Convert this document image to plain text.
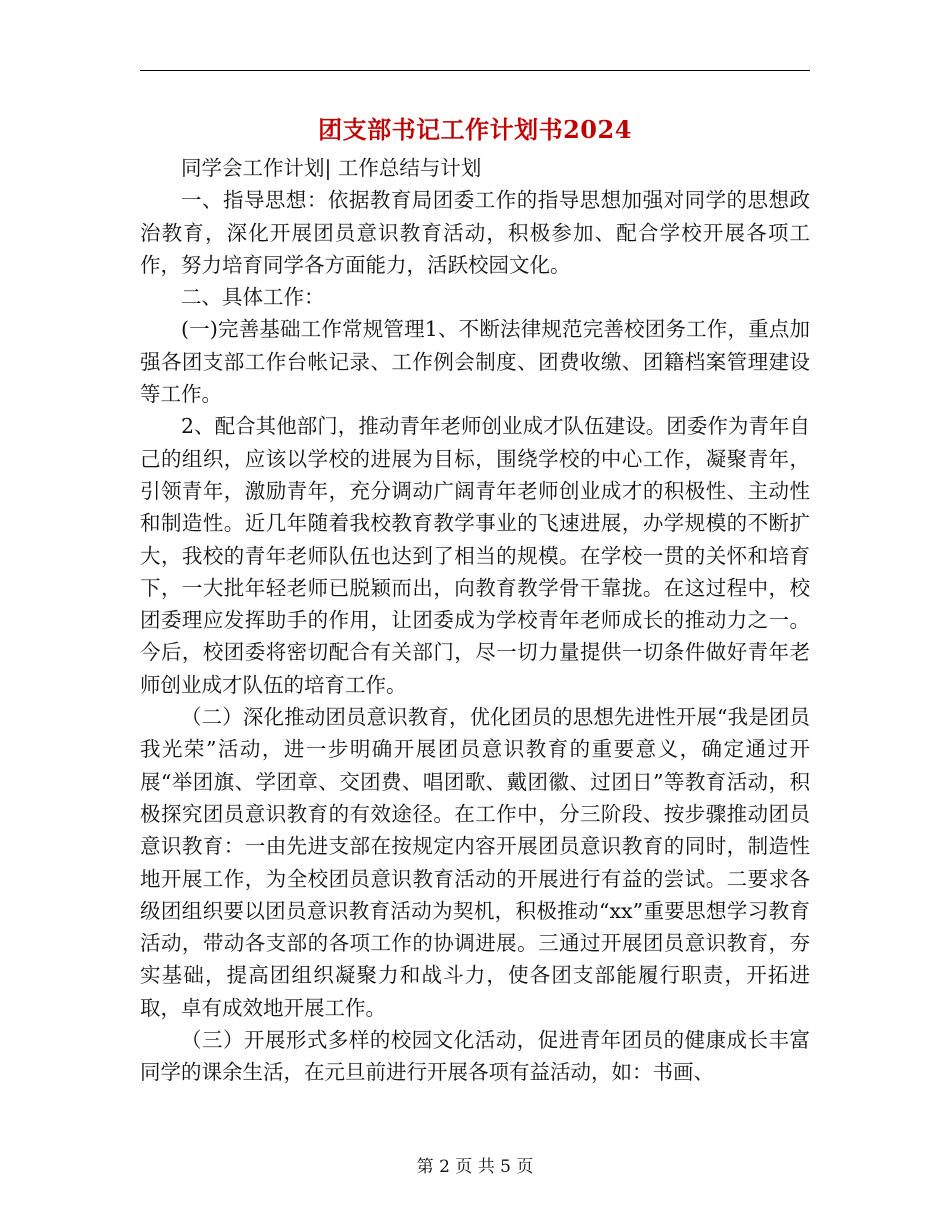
团支部书记工作计划书2024

同学会工作计划| 工作总结与计划

一、指导思想：依据教育局团委工作的指导思想加强对同学的思想政治教育，深化开展团员意识教育活动，积极参加、配合学校开展各项工作，努力培育同学各方面能力，活跃校园文化。

二、具体工作：

(一)完善基础工作常规管理1、不断法律规范完善校团务工作，重点加强各团支部工作台帐记录、工作例会制度、团费收缴、团籍档案管理建设等工作。

2、配合其他部门，推动青年老师创业成才队伍建设。团委作为青年自己的组织，应该以学校的进展为目标，围绕学校的中心工作，凝聚青年，引领青年，激励青年，充分调动广阔青年老师创业成才的积极性、主动性和制造性。近几年随着我校教育教学事业的飞速进展，办学规模的不断扩大，我校的青年老师队伍也达到了相当的规模。在学校一贯的关怀和培育下，一大批年轻老师已脱颖而出，向教育教学骨干靠拢。在这过程中，校团委理应发挥助手的作用，让团委成为学校青年老师成长的推动力之一。今后，校团委将密切配合有关部门，尽一切力量提供一切条件做好青年老师创业成才队伍的培育工作。

（二）深化推动团员意识教育，优化团员的思想先进性开展“我是团员我光荣”活动，进一步明确开展团员意识教育的重要意义，确定通过开展“举团旗、学团章、交团费、唱团歌、戴团徽、过团日”等教育活动，积极探究团员意识教育的有效途径。在工作中，分三阶段、按步骤推动团员意识教育：一由先进支部在按规定内容开展团员意识教育的同时，制造性地开展工作，为全校团员意识教育活动的开展进行有益的尝试。二要求各级团组织要以团员意识教育活动为契机，积极推动“xx”重要思想学习教育活动，带动各支部的各项工作的协调进展。三通过开展团员意识教育，夯实基础，提高团组织凝聚力和战斗力，使各团支部能履行职责，开拓进取，卓有成效地开展工作。

（三）开展形式多样的校园文化活动，促进青年团员的健康成长丰富同学的课余生活，在元旦前进行开展各项有益活动，如：书画、

第 2 页 共 5 页
